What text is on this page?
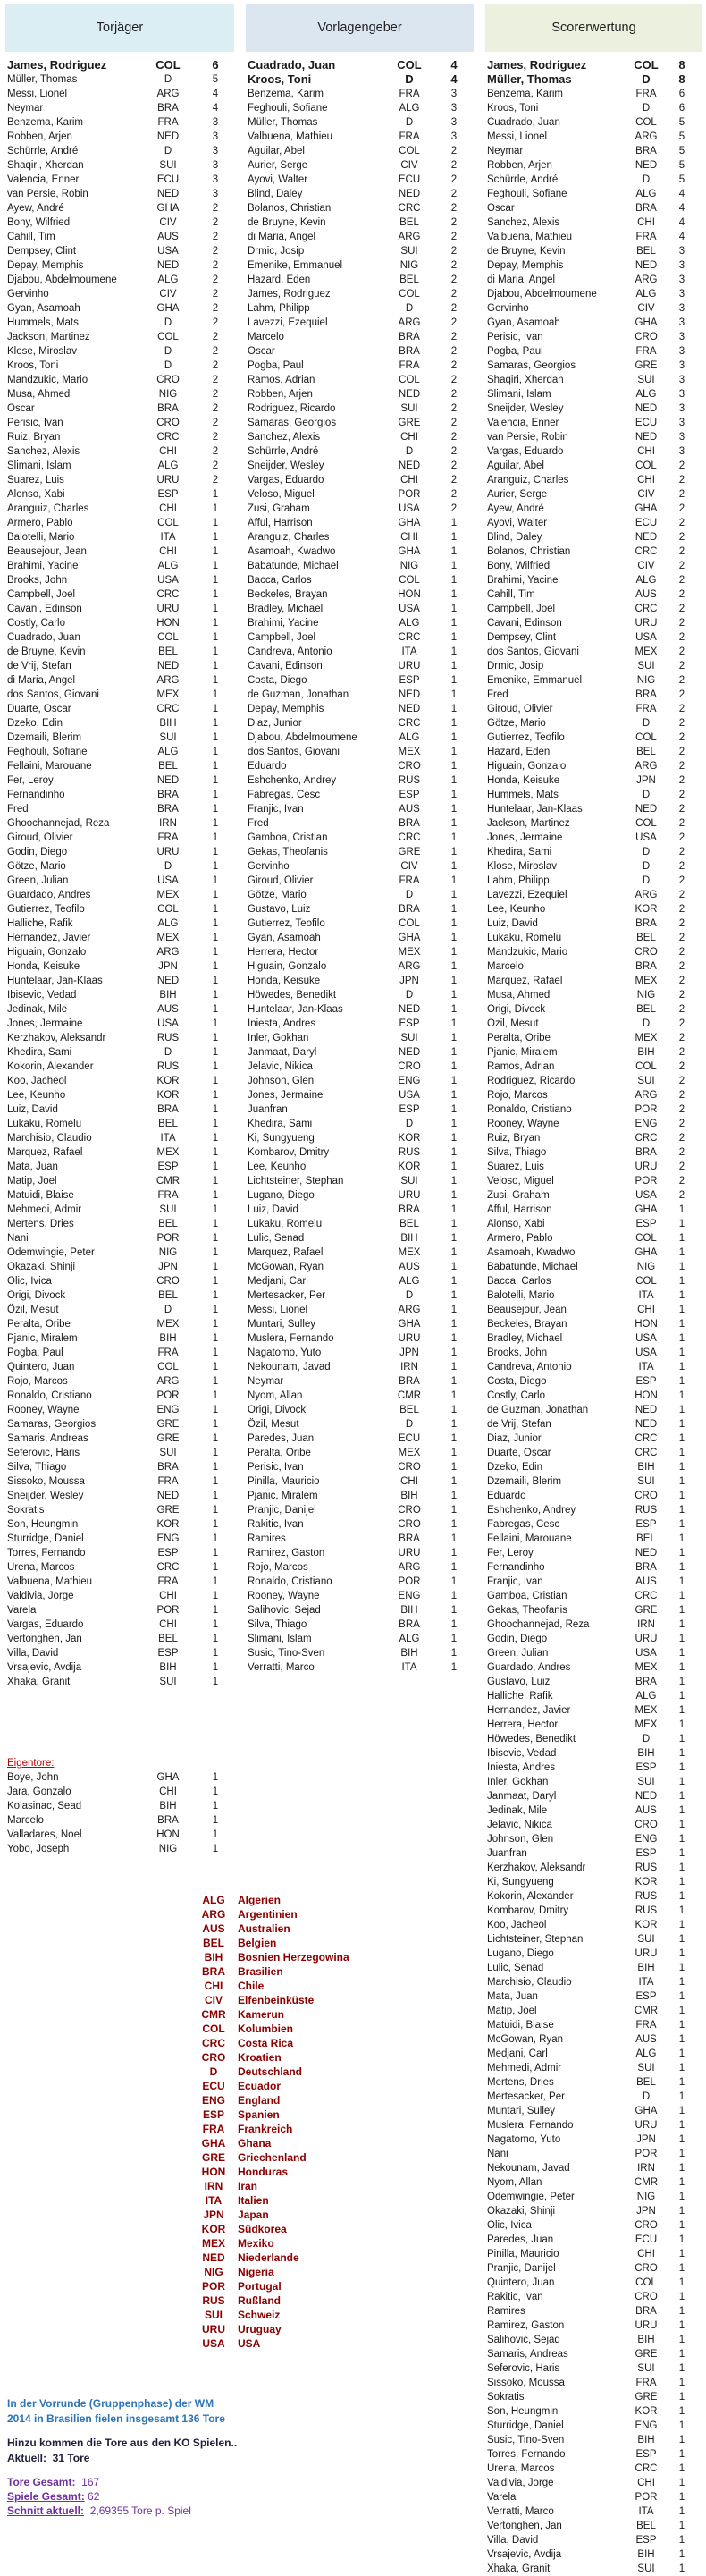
Torjäger
James, Rodriguez	COL	6
Müller, Thomas	D	5
Messi, Lionel	ARG	4
Neymar	BRA	4
Benzema, Karim	FRA	3
Robben, Arjen	NED	3
Schürrle, André	D	3
Shaqiri, Xherdan	SUI	3
Valencia, Enner	ECU	3
van Persie, Robin	NED	3
Ayew, André	GHA	2
Bony, Wilfried	CIV	2
Cahill, Tim	AUS	2
Dempsey, Clint	USA	2
Depay, Memphis	NED	2
Djabou, Abdelmoumene	ALG	2
Gervinho	CIV	2
Gyan, Asamoah	GHA	2
Hummels, Mats	D	2
Jackson, Martinez	COL	2
Klose, Miroslav	D	2
Kroos, Toni	D	2
Mandzukic, Mario	CRO	2
Musa, Ahmed	NIG	2
Oscar	BRA	2
Perisic, Ivan	CRO	2
Ruiz, Bryan	CRC	2
Sanchez, Alexis	CHI	2
Slimani, Islam	ALG	2
Suarez, Luis	URU	2
Alonso, Xabi	ESP	1
Aranguiz, Charles	CHI	1
Armero, Pablo	COL	1
Balotelli, Mario	ITA	1
Beausejour, Jean	CHI	1
Brahimi, Yacine	ALG	1
Brooks, John	USA	1
Campbell, Joel	CRC	1
Cavani, Edinson	URU	1
Costly, Carlo	HON	1
Cuadrado, Juan	COL	1
de Bruyne, Kevin	BEL	1
de Vrij, Stefan	NED	1
di Maria, Angel	ARG	1
dos Santos, Giovani	MEX	1
Duarte, Oscar	CRC	1
Dzeko, Edin	BIH	1
Dzemaili, Blerim	SUI	1
Feghouli, Sofiane	ALG	1
Fellaini, Marouane	BEL	1
Fer, Leroy	NED	1
Fernandinho	BRA	1
Fred	BRA	1
Ghoochannejad, Reza	IRN	1
Giroud, Olivier	FRA	1
Godin, Diego	URU	1
Götze, Mario	D	1
Green, Julian	USA	1
Guardado, Andres	MEX	1
Gutierrez, Teofilo	COL	1
Halliche, Rafik	ALG	1
Hernandez, Javier	MEX	1
Higuain, Gonzalo	ARG	1
Honda, Keisuke	JPN	1
Huntelaar, Jan-Klaas	NED	1
Ibisevic, Vedad	BIH	1
Jedinak, Mile	AUS	1
Jones, Jermaine	USA	1
Kerzhakov, Aleksandr	RUS	1
Khedira, Sami	D	1
Kokorin, Alexander	RUS	1
Koo, Jacheol	KOR	1
Lee, Keunho	KOR	1
Luiz, David	BRA	1
Lukaku, Romelu	BEL	1
Marchisio, Claudio	ITA	1
Marquez, Rafael	MEX	1
Mata, Juan	ESP	1
Matip, Joel	CMR	1
Matuidi, Blaise	FRA	1
Mehmedi, Admir	SUI	1
Mertens, Dries	BEL	1
Nani	POR	1
Odemwingie, Peter	NIG	1
Okazaki, Shinji	JPN	1
Olic, Ivica	CRO	1
Origi, Divock	BEL	1
Özil, Mesut	D	1
Peralta, Oribe	MEX	1
Pjanic, Miralem	BIH	1
Pogba, Paul	FRA	1
Quintero, Juan	COL	1
Rojo, Marcos	ARG	1
Ronaldo, Cristiano	POR	1
Rooney, Wayne	ENG	1
Samaras, Georgios	GRE	1
Samaris, Andreas	GRE	1
Seferovic, Haris	SUI	1
Silva, Thiago	BRA	1
Sissoko, Moussa	FRA	1
Sneijder, Wesley	NED	1
Sokratis	GRE	1
Son, Heungmin	KOR	1
Sturridge, Daniel	ENG	1
Torres, Fernando	ESP	1
Urena, Marcos	CRC	1
Valbuena, Mathieu	FRA	1
Valdivia, Jorge	CHI	1
Varela	POR	1
Vargas, Eduardo	CHI	1
Vertonghen, Jan	BEL	1
Villa, David	ESP	1
Vrsajevic, Avdija	BIH	1
Xhaka, Granit	SUI	1
Vorlagengeber
Cuadrado, Juan	COL	4
Kroos, Toni	D	4
Benzema, Karim	FRA	3
Feghouli, Sofiane	ALG	3
Müller, Thomas	D	3
Valbuena, Mathieu	FRA	3
Aguilar, Abel	COL	2
Aurier, Serge	CIV	2
Ayovi, Walter	ECU	2
Blind, Daley	NED	2
Bolanos, Christian	CRC	2
de Bruyne, Kevin	BEL	2
di Maria, Angel	ARG	2
Drmic, Josip	SUI	2
Emenike, Emmanuel	NIG	2
Hazard, Eden	BEL	2
James, Rodriguez	COL	2
Lahm, Philipp	D	2
Lavezzi, Ezequiel	ARG	2
Marcelo	BRA	2
Oscar	BRA	2
Pogba, Paul	FRA	2
Ramos, Adrian	COL	2
Robben, Arjen	NED	2
Rodriguez, Ricardo	SUI	2
Samaras, Georgios	GRE	2
Sanchez, Alexis	CHI	2
Schürrle, André	D	2
Sneijder, Wesley	NED	2
Vargas, Eduardo	CHI	2
Veloso, Miguel	POR	2
Zusi, Graham	USA	2
Afful, Harrison	GHA	1
Aranguiz, Charles	CHI	1
Asamoah, Kwadwo	GHA	1
Babatunde, Michael	NIG	1
Bacca, Carlos	COL	1
Beckeles, Brayan	HON	1
Bradley, Michael	USA	1
Brahimi, Yacine	ALG	1
Campbell, Joel	CRC	1
Candreva, Antonio	ITA	1
Cavani, Edinson	URU	1
Costa, Diego	ESP	1
de Guzman, Jonathan	NED	1
Depay, Memphis	NED	1
Diaz, Junior	CRC	1
Djabou, Abdelmoumene	ALG	1
dos Santos, Giovani	MEX	1
Eduardo	CRO	1
Eshchenko, Andrey	RUS	1
Fabregas, Cesc	ESP	1
Franjic, Ivan	AUS	1
Fred	BRA	1
Gamboa, Cristian	CRC	1
Gekas, Theofanis	GRE	1
Gervinho	CIV	1
Giroud, Olivier	FRA	1
Götze, Mario	D	1
Gustavo, Luiz	BRA	1
Gutierrez, Teofilo	COL	1
Gyan, Asamoah	GHA	1
Herrera, Hector	MEX	1
Higuain, Gonzalo	ARG	1
Honda, Keisuke	JPN	1
Höwedes, Benedikt	D	1
Huntelaar, Jan-Klaas	NED	1
Iniesta, Andres	ESP	1
Inler, Gokhan	SUI	1
Janmaat, Daryl	NED	1
Jelavic, Nikica	CRO	1
Johnson, Glen	ENG	1
Jones, Jermaine	USA	1
Juanfran	ESP	1
Khedira, Sami	D	1
Ki, Sungyueng	KOR	1
Kombarov, Dmitry	RUS	1
Lee, Keunho	KOR	1
Lichtsteiner, Stephan	SUI	1
Lugano, Diego	URU	1
Luiz, David	BRA	1
Lukaku, Romelu	BEL	1
Lulic, Senad	BIH	1
Marquez, Rafael	MEX	1
McGowan, Ryan	AUS	1
Medjani, Carl	ALG	1
Mertesacker, Per	D	1
Messi, Lionel	ARG	1
Muntari, Sulley	GHA	1
Muslera, Fernando	URU	1
Nagatomo, Yuto	JPN	1
Nekounam, Javad	IRN	1
Neymar	BRA	1
Nyom, Allan	CMR	1
Origi, Divock	BEL	1
Özil, Mesut	D	1
Paredes, Juan	ECU	1
Peralta, Oribe	MEX	1
Perisic, Ivan	CRO	1
Pinilla, Mauricio	CHI	1
Pjanic, Miralem	BIH	1
Pranjic, Danijel	CRO	1
Rakitic, Ivan	CRO	1
Ramires	BRA	1
Ramirez, Gaston	URU	1
Rojo, Marcos	ARG	1
Ronaldo, Cristiano	POR	1
Rooney, Wayne	ENG	1
Salihovic, Sejad	BIH	1
Silva, Thiago	BRA	1
Slimani, Islam	ALG	1
Susic, Tino-Sven	BIH	1
Verratti, Marco	ITA	1
Scorerwertung
James, Rodriguez	COL	8
Müller, Thomas	D	8
Benzema, Karim	FRA	6
Kroos, Toni	D	6
Cuadrado, Juan	COL	5
Messi, Lionel	ARG	5
Neymar	BRA	5
Robben, Arjen	NED	5
Schürrle, André	D	5
Feghouli, Sofiane	ALG	4
Oscar	BRA	4
Sanchez, Alexis	CHI	4
Valbuena, Mathieu	FRA	4
de Bruyne, Kevin	BEL	3
Depay, Memphis	NED	3
di Maria, Angel	ARG	3
Djabou, Abdelmoumene	ALG	3
Gervinho	CIV	3
Gyan, Asamoah	GHA	3
Perisic, Ivan	CRO	3
Pogba, Paul	FRA	3
Samaras, Georgios	GRE	3
Shaqiri, Xherdan	SUI	3
Slimani, Islam	ALG	3
Sneijder, Wesley	NED	3
Valencia, Enner	ECU	3
van Persie, Robin	NED	3
Vargas, Eduardo	CHI	3
Aguilar, Abel	COL	2
Aranguiz, Charles	CHI	2
Aurier, Serge	CIV	2
Ayew, André	GHA	2
Ayovi, Walter	ECU	2
Blind, Daley	NED	2
Bolanos, Christian	CRC	2
Bony, Wilfried	CIV	2
Brahimi, Yacine	ALG	2
Cahill, Tim	AUS	2
Campbell, Joel	CRC	2
Cavani, Edinson	URU	2
Dempsey, Clint	USA	2
dos Santos, Giovani	MEX	2
Drmic, Josip	SUI	2
Emenike, Emmanuel	NIG	2
Fred	BRA	2
Giroud, Olivier	FRA	2
Götze, Mario	D	2
Gutierrez, Teofilo	COL	2
Hazard, Eden	BEL	2
Higuain, Gonzalo	ARG	2
Honda, Keisuke	JPN	2
Hummels, Mats	D	2
Huntelaar, Jan-Klaas	NED	2
Jackson, Martinez	COL	2
Jones, Jermaine	USA	2
Khedira, Sami	D	2
Klose, Miroslav	D	2
Lahm, Philipp	D	2
Lavezzi, Ezequiel	ARG	2
Lee, Keunho	KOR	2
Luiz, David	BRA	2
Lukaku, Romelu	BEL	2
Mandzukic, Mario	CRO	2
Marcelo	BRA	2
Marquez, Rafael	MEX	2
Musa, Ahmed	NIG	2
Origi, Divock	BEL	2
Özil, Mesut	D	2
Peralta, Oribe	MEX	2
Pjanic, Miralem	BIH	2
Ramos, Adrian	COL	2
Rodriguez, Ricardo	SUI	2
Rojo, Marcos	ARG	2
Ronaldo, Cristiano	POR	2
Rooney, Wayne	ENG	2
Ruiz, Bryan	CRC	2
Silva, Thiago	BRA	2
Suarez, Luis	URU	2
Veloso, Miguel	POR	2
Zusi, Graham	USA	2
Afful, Harrison	GHA	1
Alonso, Xabi	ESP	1
Armero, Pablo	COL	1
Asamoah, Kwadwo	GHA	1
Babatunde, Michael	NIG	1
Bacca, Carlos	COL	1
Balotelli, Mario	ITA	1
Beausejour, Jean	CHI	1
Beckeles, Brayan	HON	1
Bradley, Michael	USA	1
Brooks, John	USA	1
Candreva, Antonio	ITA	1
Costa, Diego	ESP	1
Costly, Carlo	HON	1
de Guzman, Jonathan	NED	1
de Vrij, Stefan	NED	1
Diaz, Junior	CRC	1
Duarte, Oscar	CRC	1
Dzeko, Edin	BIH	1
Dzemaili, Blerim	SUI	1
Eduardo	CRO	1
Eshchenko, Andrey	RUS	1
Fabregas, Cesc	ESP	1
Fellaini, Marouane	BEL	1
Fer, Leroy	NED	1
Fernandinho	BRA	1
Franjic, Ivan	AUS	1
Gamboa, Cristian	CRC	1
Gekas, Theofanis	GRE	1
Ghoochannejad, Reza	IRN	1
Godin, Diego	URU	1
Green, Julian	USA	1
Guardado, Andres	MEX	1
Gustavo, Luiz	BRA	1
Halliche, Rafik	ALG	1
Hernandez, Javier	MEX	1
Herrera, Hector	MEX	1
Höwedes, Benedikt	D	1
Ibisevic, Vedad	BIH	1
Iniesta, Andres	ESP	1
Inler, Gokhan	SUI	1
Janmaat, Daryl	NED	1
Jedinak, Mile	AUS	1
Jelavic, Nikica	CRO	1
Johnson, Glen	ENG	1
Juanfran	ESP	1
Kerzhakov, Aleksandr	RUS	1
Ki, Sungyueng	KOR	1
Kokorin, Alexander	RUS	1
Kombarov, Dmitry	RUS	1
Koo, Jacheol	KOR	1
Lichtsteiner, Stephan	SUI	1
Lugano, Diego	URU	1
Lulic, Senad	BIH	1
Marchisio, Claudio	ITA	1
Mata, Juan	ESP	1
Matip, Joel	CMR	1
Matuidi, Blaise	FRA	1
McGowan, Ryan	AUS	1
Medjani, Carl	ALG	1
Mehmedi, Admir	SUI	1
Mertens, Dries	BEL	1
Mertesacker, Per	D	1
Muntari, Sulley	GHA	1
Muslera, Fernando	URU	1
Nagatomo, Yuto	JPN	1
Nani	POR	1
Nekounam, Javad	IRN	1
Nyom, Allan	CMR	1
Odemwingie, Peter	NIG	1
Okazaki, Shinji	JPN	1
Olic, Ivica	CRO	1
Paredes, Juan	ECU	1
Pinilla, Mauricio	CHI	1
Pranjic, Danijel	CRO	1
Quintero, Juan	COL	1
Rakitic, Ivan	CRO	1
Ramires	BRA	1
Ramirez, Gaston	URU	1
Salihovic, Sejad	BIH	1
Samaris, Andreas	GRE	1
Seferovic, Haris	SUI	1
Sissoko, Moussa	FRA	1
Sokratis	GRE	1
Son, Heungmin	KOR	1
Sturridge, Daniel	ENG	1
Susic, Tino-Sven	BIH	1
Torres, Fernando	ESP	1
Urena, Marcos	CRC	1
Valdivia, Jorge	CHI	1
Varela	POR	1
Verratti, Marco	ITA	1
Vertonghen, Jan	BEL	1
Villa, David	ESP	1
Vrsajevic, Avdija	BIH	1
Xhaka, Granit	SUI	1
Eigentore:
Boye, John	GHA	1
Jara, Gonzalo	CHI	1
Kolasinac, Sead	BIH	1
Marcelo	BRA	1
Valladares, Noel	HON	1
Yobo, Joseph	NIG	1
ALG	Algerien
ARG	Argentinien
AUS	Australien
BEL	Belgien
BIH	Bosnien Herzegowina
BRA	Brasilien
CHI	Chile
CIV	Elfenbeinküste
CMR	Kamerun
COL	Kolumbien
CRC	Costa Rica
CRO	Kroatien
D	Deutschland
ECU	Ecuador
ENG	England
ESP	Spanien
FRA	Frankreich
GHA	Ghana
GRE	Griechenland
HON	Honduras
IRN	Iran
ITA	Italien
JPN	Japan
KOR	Südkorea
MEX	Mexiko
NED	Niederlande
NIG	Nigeria
POR	Portugal
RUS	Rußland
SUI	Schweiz
URU	Uruguay
USA	USA
In der Vorrunde (Gruppenphase) der WM
2014 in Brasilien fielen insgesamt 136 Tore
Hinzu kommen die Tore aus den KO Spielen..
Aktuell:  31 Tore
Tore Gesamt: 167
Spiele Gesamt: 62
Schnitt aktuell: 2,69355 Tore p. Spiel
